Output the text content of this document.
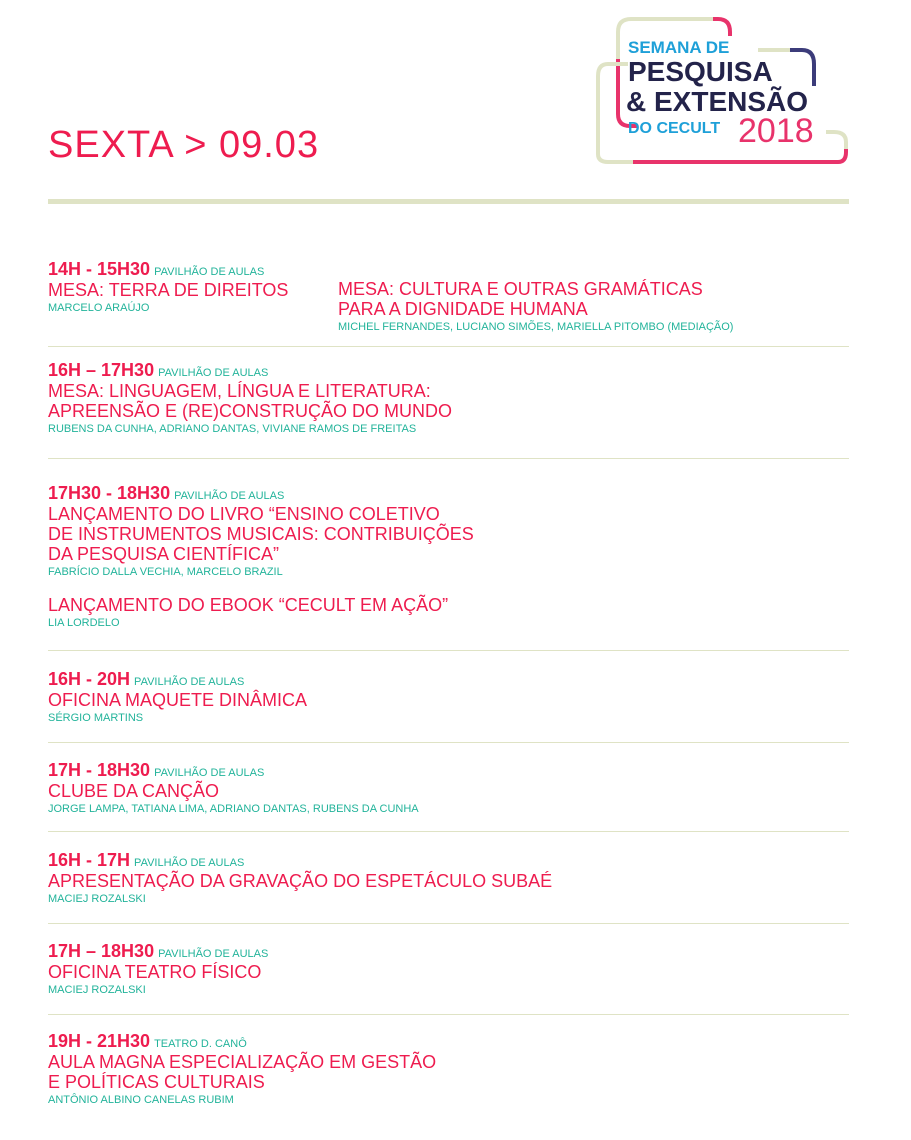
SEMANA DE
PESQUISA
& EXTENSÃO
DO CECULT 2018
SEXTA > 09.03
14H - 15H30 PAVILHÃO DE AULAS
MESA: TERRA DE DIREITOS
MARCELO ARAÚJO
MESA: CULTURA E OUTRAS GRAMÁTICAS
PARA A DIGNIDADE HUMANA
MICHEL FERNANDES, LUCIANO SIMÕES, MARIELLA PITOMBO (MEDIAÇÃO)
16H – 17H30 PAVILHÃO DE AULAS
MESA: LINGUAGEM, LÍNGUA E LITERATURA:
APREENSÃO E (RE)CONSTRUÇÃO DO MUNDO
RUBENS DA CUNHA, ADRIANO DANTAS, VIVIANE RAMOS DE FREITAS
17H30 - 18H30 PAVILHÃO DE AULAS
LANÇAMENTO DO LIVRO “ENSINO COLETIVO
DE INSTRUMENTOS MUSICAIS: CONTRIBUIÇÕES
DA PESQUISA CIENTÍFICA”
FABRÍCIO DALLA VECHIA, MARCELO BRAZIL
LANÇAMENTO DO EBOOK “CECULT EM AÇÃO”
LIA LORDELO
16H - 20H PAVILHÃO DE AULAS
OFICINA MAQUETE DINÂMICA
SÉRGIO MARTINS
17H - 18H30 PAVILHÃO DE AULAS
CLUBE DA CANÇÃO
JORGE LAMPA, TATIANA LIMA, ADRIANO DANTAS, RUBENS DA CUNHA
16H - 17H PAVILHÃO DE AULAS
APRESENTAÇÃO DA GRAVAÇÃO DO ESPETÁCULO SUBAÉ
MACIEJ ROZALSKI
17H – 18H30 PAVILHÃO DE AULAS
OFICINA TEATRO FÍSICO
MACIEJ ROZALSKI
19H - 21H30 TEATRO D. CANÔ
AULA MAGNA ESPECIALIZAÇÃO EM GESTÃO
E POLÍTICAS CULTURAIS
ANTÔNIO ALBINO CANELAS RUBIM
